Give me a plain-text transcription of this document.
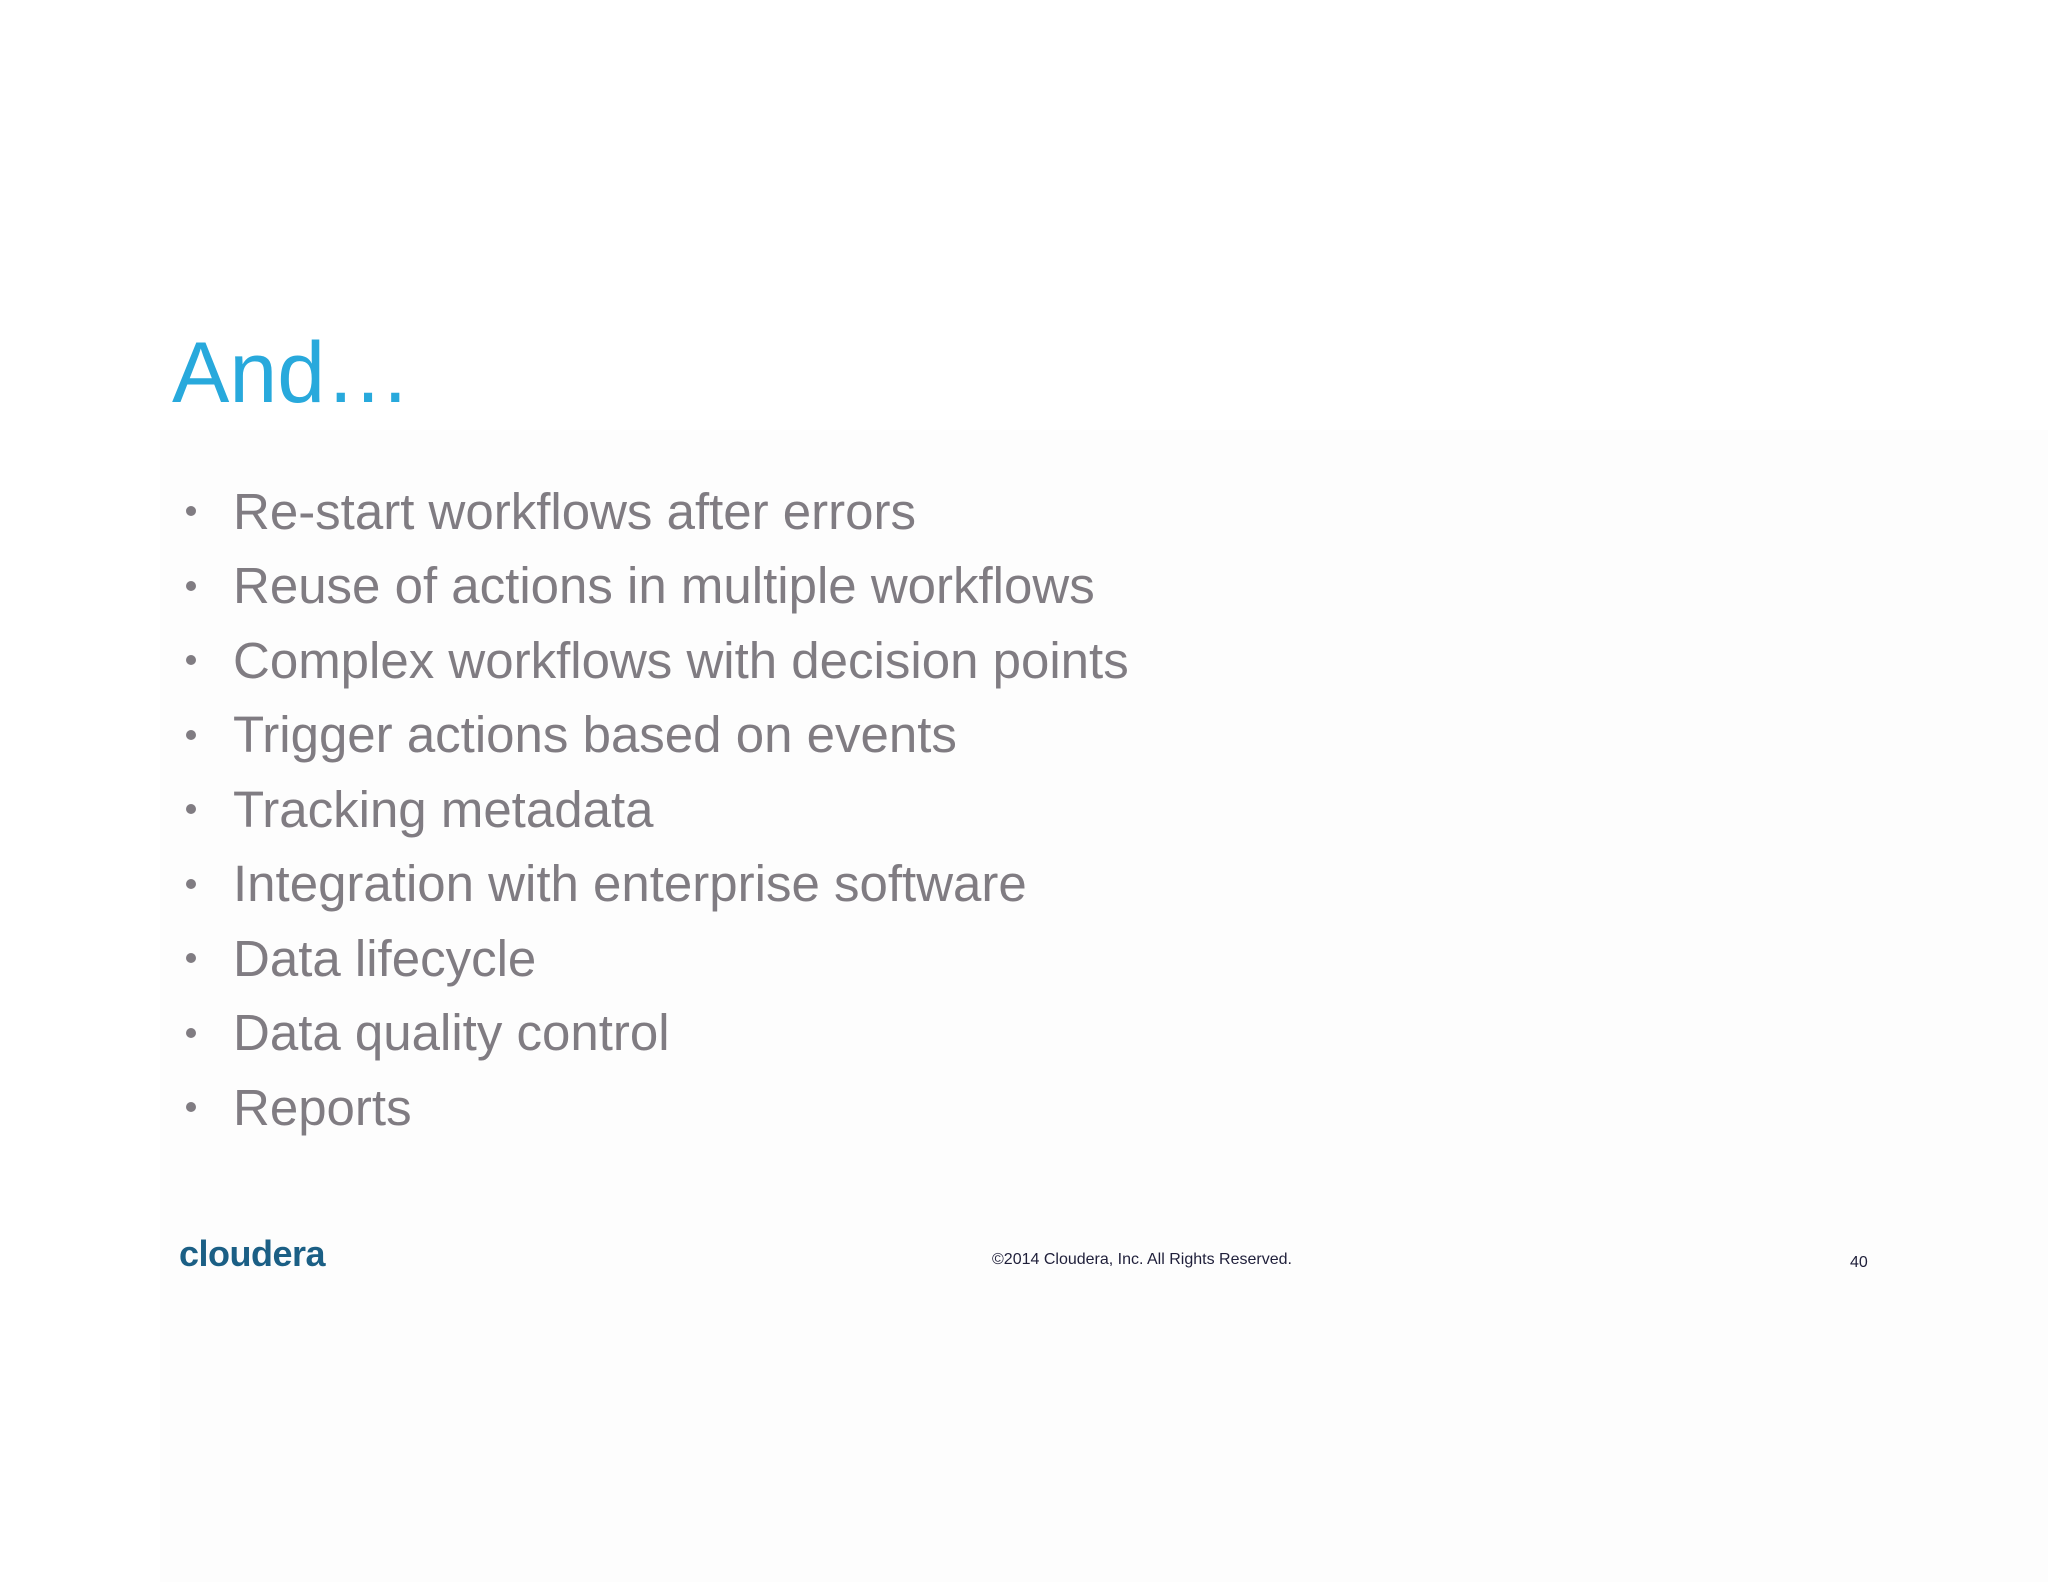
And…
Re-start workflows after errors
Reuse of actions in multiple workflows
Complex workflows with decision points
Trigger actions based on events
Tracking metadata
Integration with enterprise software
Data lifecycle
Data quality control
Reports
cloudera	©2014 Cloudera, Inc. All Rights Reserved.	40
